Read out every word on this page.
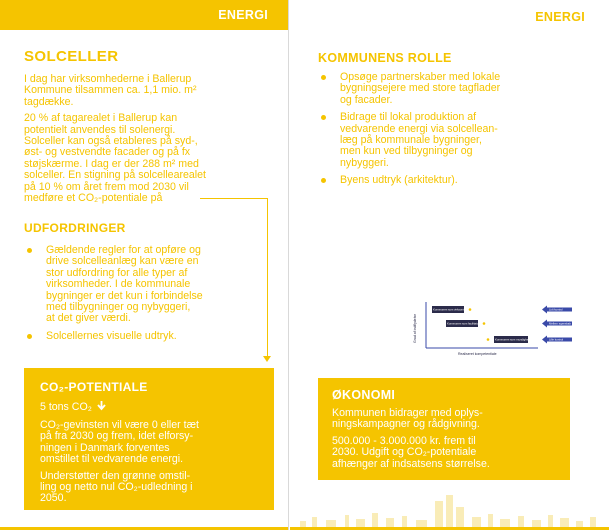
ENERGI
SOLCELLER

I dag har virksomhederne i Ballerup
Kommune tilsammen ca. 1,1 mio. m²
tagdække.

20 % af tagarealet i Ballerup kan
potentielt anvendes til solenergi.
Solceller kan også etableres på syd-,
øst- og vestvendte facader og på fx
støjskærme. I dag er der 288 m² med
solceller. En stigning på solcellearealet
på 10 % om året frem mod 2030 vil
medføre et CO₂-potentiale på

UDFORDRINGER
Gældende regler for at opføre og
drive solcelleanlæg kan være en
stor udfordring for alle typer af
virksomheder. I de kommunale
bygninger er det kun i forbindelse
med tilbygninger og nybyggeri,
at det giver værdi.
Solcellernes visuelle udtryk.
CO₂-POTENTIALE
5 tons CO₂

CO₂-gevinsten vil være 0 eller tæt
på fra 2030 og frem, idet elforsy-
ningen i Danmark forventes
omstillet til vedvarende energi.

Understøtter den grønne omstil-
ling og netto nul CO₂-udledning i
2050.

ENERGI
KOMMUNENS ROLLE
Opsøge partnerskaber med lokale
bygningsejere med store tagflader
og facader.
Bidrage til lokal produktion af
vedvarende energi via solcellean-
læg på kommunale bygninger,
men kun ved tilbygninger og
nybyggeri.
Byens udtryk (arkitektur).
Grad af indflydelse
Realiseret kompetentiale
Kommunen som virksomhed
Kommunen som facilitator
Kommunen som myndighed
Lidt kontrol
Mellem egenskab
Lille kontrol
ØKONOMI

Kommunen bidrager med oplys-
ningskampagner og rådgivning.

500.000 - 3.000.000 kr. frem til
2030. Udgift og CO₂-potentiale
afhænger af indsatsens størrelse.
